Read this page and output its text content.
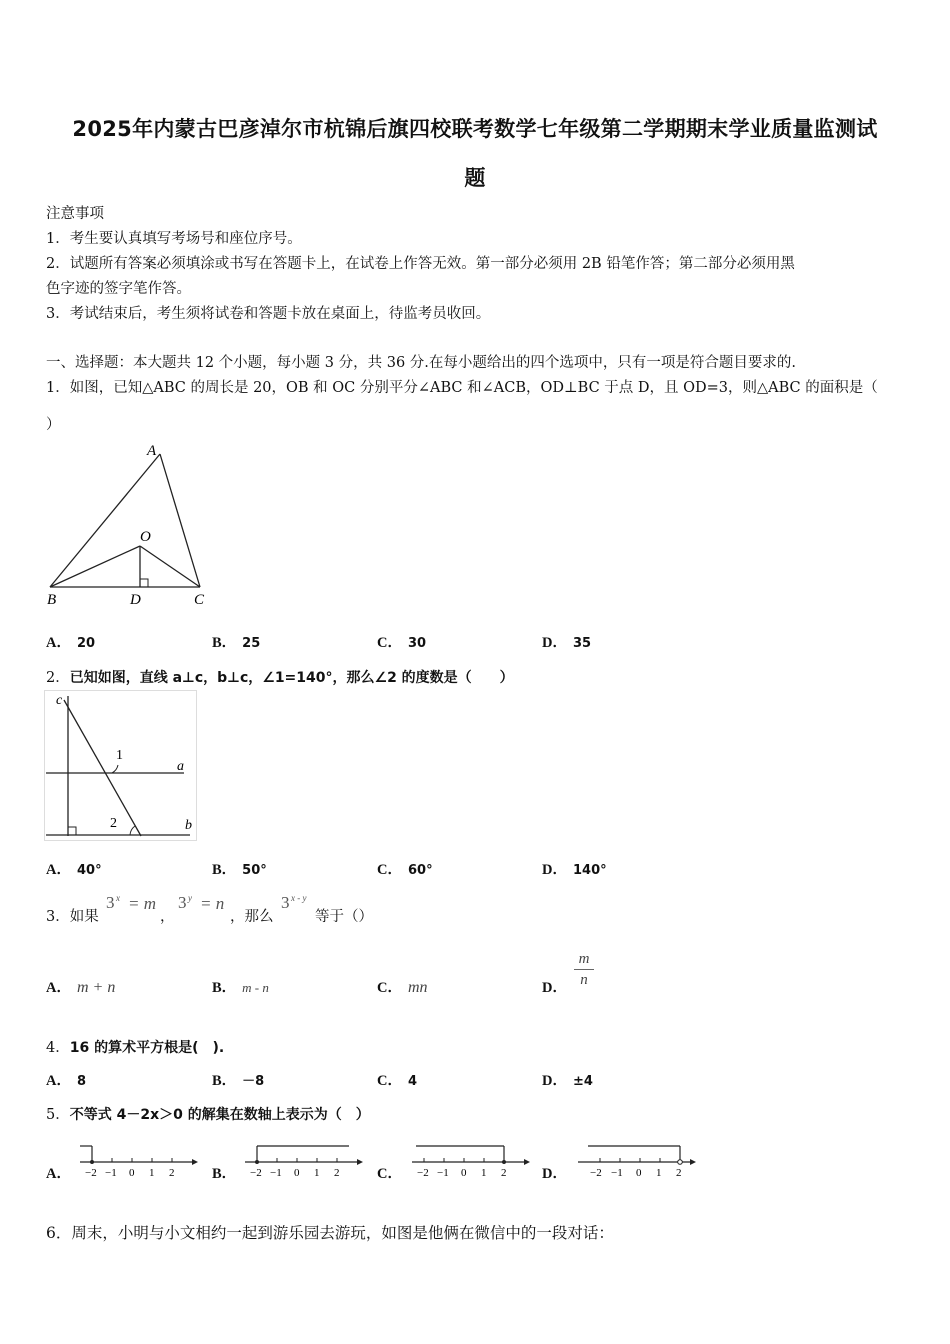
2025年内蒙古巴彦淖尔市杭锦后旗四校联考数学七年级第二学期期末学业质量监测试
题
注意事项
1．考生要认真填写考场号和座位序号。
2．试题所有答案必须填涂或书写在答题卡上，在试卷上作答无效。第一部分必须用 2B 铅笔作答；第二部分必须用黑
色字迹的签字笔作答。
3．考试结束后，考生须将试卷和答题卡放在桌面上，待监考员收回。
一、选择题：本大题共 12 个小题，每小题 3 分，共 36 分.在每小题给出的四个选项中，只有一项是符合题目要求的.
1．如图，已知△ABC 的周长是 20，OB 和 OC 分别平分∠ABC 和∠ACB，OD⊥BC 于点 D，且 OD=3，则△ABC 的面积是（
）
A
O
B	D	C
A． 20	B． 25	C． 30	D． 35
2．已知如图，直线 a⊥c，b⊥c，∠1=140°，那么∠2 的度数是（　　）
c
a
b
1
2
A． 40°	B． 50°	C． 60°	D． 140°
3．如果
3 x = m
，
3 y = n
，那么
3 x - y
等于（）
A． m + n	B． m - n	C． mn	D．
m
n
4．16 的算术平方根是(　).
A． 8	B． －8	C． 4	D． ±4
5．不等式 4－2x＞0 的解集在数轴上表示为（　）
A．	B．	C．	D．
−2 −1 0 1 2	−2 −1 0 1 2	−2 −1 0 1 2	−2 −1 0 1 2
6．周末，小明与小文相约一起到游乐园去游玩，如图是他俩在微信中的一段对话：
